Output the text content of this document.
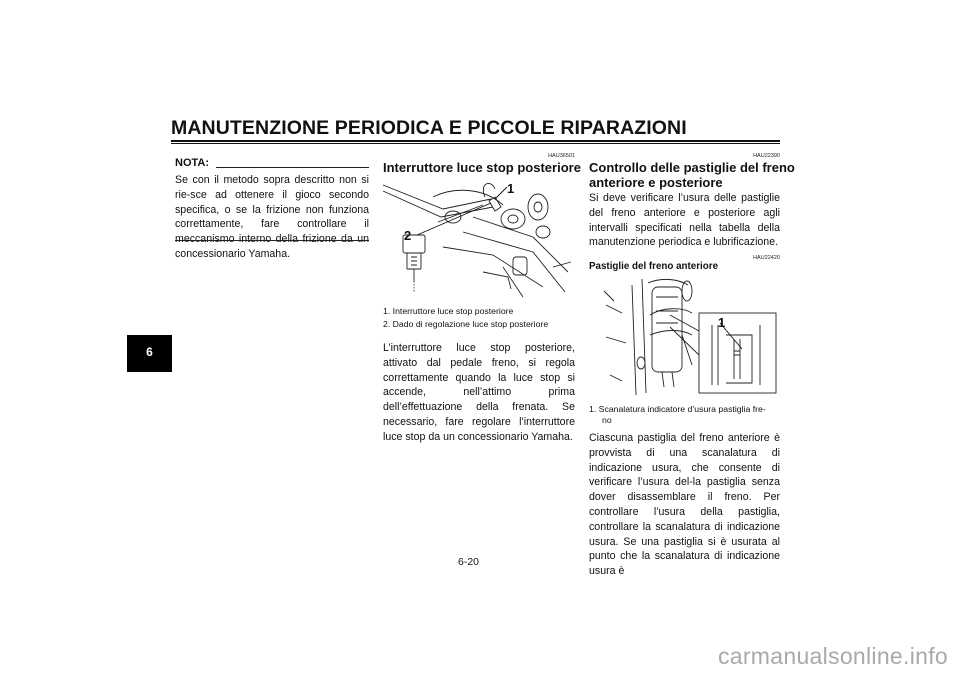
MANUTENZIONE PERIODICA E PICCOLE RIPARAZIONI
6
NOTA:
Se con il metodo sopra descritto non si rie-sce ad ottenere il gioco secondo specifica, o se la frizione non funziona correttamente, fare controllare il concessionario Yamaha.
HAU36501
Interruttore luce stop posteriore
1
2
1. Interruttore luce stop posteriore
2. Dado di regolazione luce stop posteriore
L’interruttore luce stop posteriore, attivato dal pedale freno, si regola correttamente quando la luce stop si accende, nell’attimo prima dell’effettuazione della frenata. Se necessario, fare regolare l’interruttore luce stop da un concessionario Yamaha.
HAU22390
Controllo delle pastiglie del freno
anteriore e posteriore
Si deve verificare l’usura delle pastiglie del freno anteriore e posteriore agli intervalli specificati nella tabella della manutenzione periodica e lubrificazione.
HAU22420
Pastiglie del freno anteriore
1
1. Scanalatura indicatore d’usura pastiglia fre-
no
Ciascuna pastiglia del freno anteriore è provvista di una scanalatura di indicazione usura, che consente di verificare l’usura del-la pastiglia senza dover disassemblare il freno. Per controllare l’usura della pastiglia, controllare la scanalatura di indicazione usura. Se una pastiglia si è usurata al punto che la scanalatura di indicazione usura è
6-20
carmanualsonline.info
